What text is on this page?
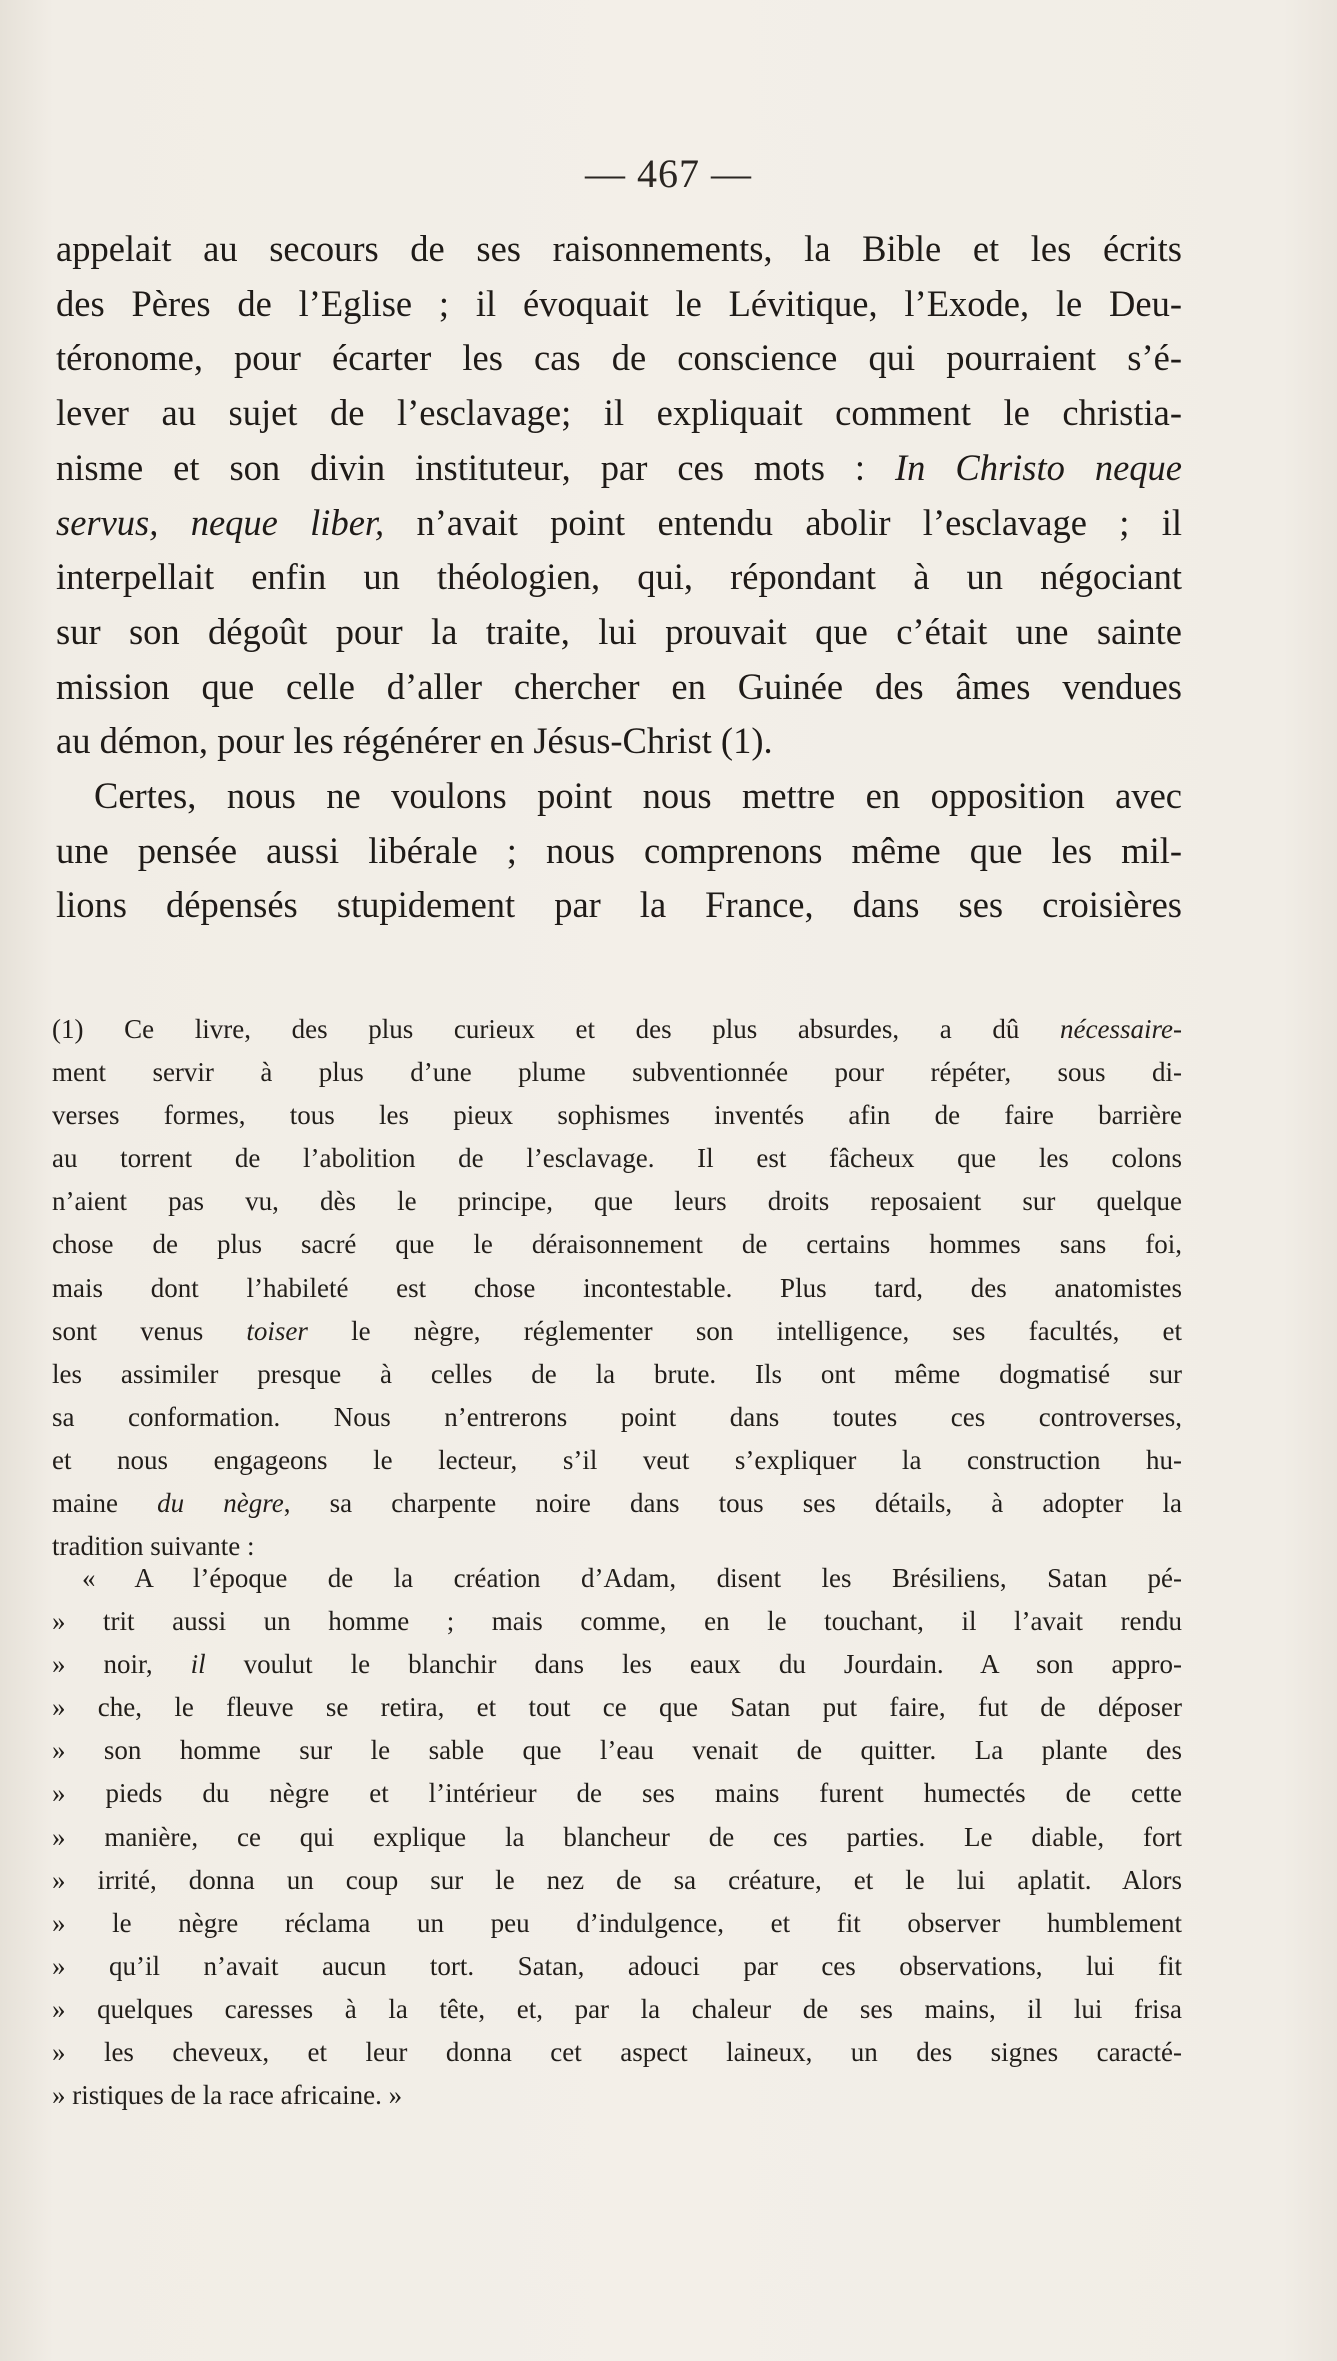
— 467 —

appelait au secours de ses raisonnements, la Bible et les écrits

des Pères de l’Eglise ; il évoquait le Lévitique, l’Exode, le Deu-

téronome, pour écarter les cas de conscience qui pourraient s’é-

lever au sujet de l’esclavage; il expliquait comment le christia-

nisme et son divin instituteur, par ces mots : In Christo neque

servus, neque liber, n’avait point entendu abolir l’esclavage ; il

interpellait enfin un théologien, qui, répondant à un négociant

sur son dégoût pour la traite, lui prouvait que c’était une sainte

mission que celle d’aller chercher en Guinée des âmes vendues

au démon, pour les régénérer en Jésus-Christ (1).

Certes, nous ne voulons point nous mettre en opposition avec

une pensée aussi libérale ; nous comprenons même que les mil-

lions dépensés stupidement par la France, dans ses croisières

(1) Ce livre, des plus curieux et des plus absurdes, a dû nécessaire-

ment servir à plus d’une plume subventionnée pour répéter, sous di-

verses formes, tous les pieux sophismes inventés afin de faire barrière

au torrent de l’abolition de l’esclavage. Il est fâcheux que les colons

n’aient pas vu, dès le principe, que leurs droits reposaient sur quelque

chose de plus sacré que le déraisonnement de certains hommes sans foi,

mais dont l’habileté est chose incontestable. Plus tard, des anatomistes

sont venus toiser le nègre, réglementer son intelligence, ses facultés, et

les assimiler presque à celles de la brute. Ils ont même dogmatisé sur

sa conformation. Nous n’entrerons point dans toutes ces controverses,

et nous engageons le lecteur, s’il veut s’expliquer la construction hu-

maine du nègre, sa charpente noire dans tous ses détails, à adopter la

tradition suivante :

« A l’époque de la création d’Adam, disent les Brésiliens, Satan pé-

» trit aussi un homme ; mais comme, en le touchant, il l’avait rendu

» noir, il voulut le blanchir dans les eaux du Jourdain. A son appro-

» che, le fleuve se retira, et tout ce que Satan put faire, fut de déposer

» son homme sur le sable que l’eau venait de quitter. La plante des

» pieds du nègre et l’intérieur de ses mains furent humectés de cette

» manière, ce qui explique la blancheur de ces parties. Le diable, fort

» irrité, donna un coup sur le nez de sa créature, et le lui aplatit. Alors

» le nègre réclama un peu d’indulgence, et fit observer humblement

» qu’il n’avait aucun tort. Satan, adouci par ces observations, lui fit

» quelques caresses à la tête, et, par la chaleur de ses mains, il lui frisa

» les cheveux, et leur donna cet aspect laineux, un des signes caracté-

» ristiques de la race africaine. »
